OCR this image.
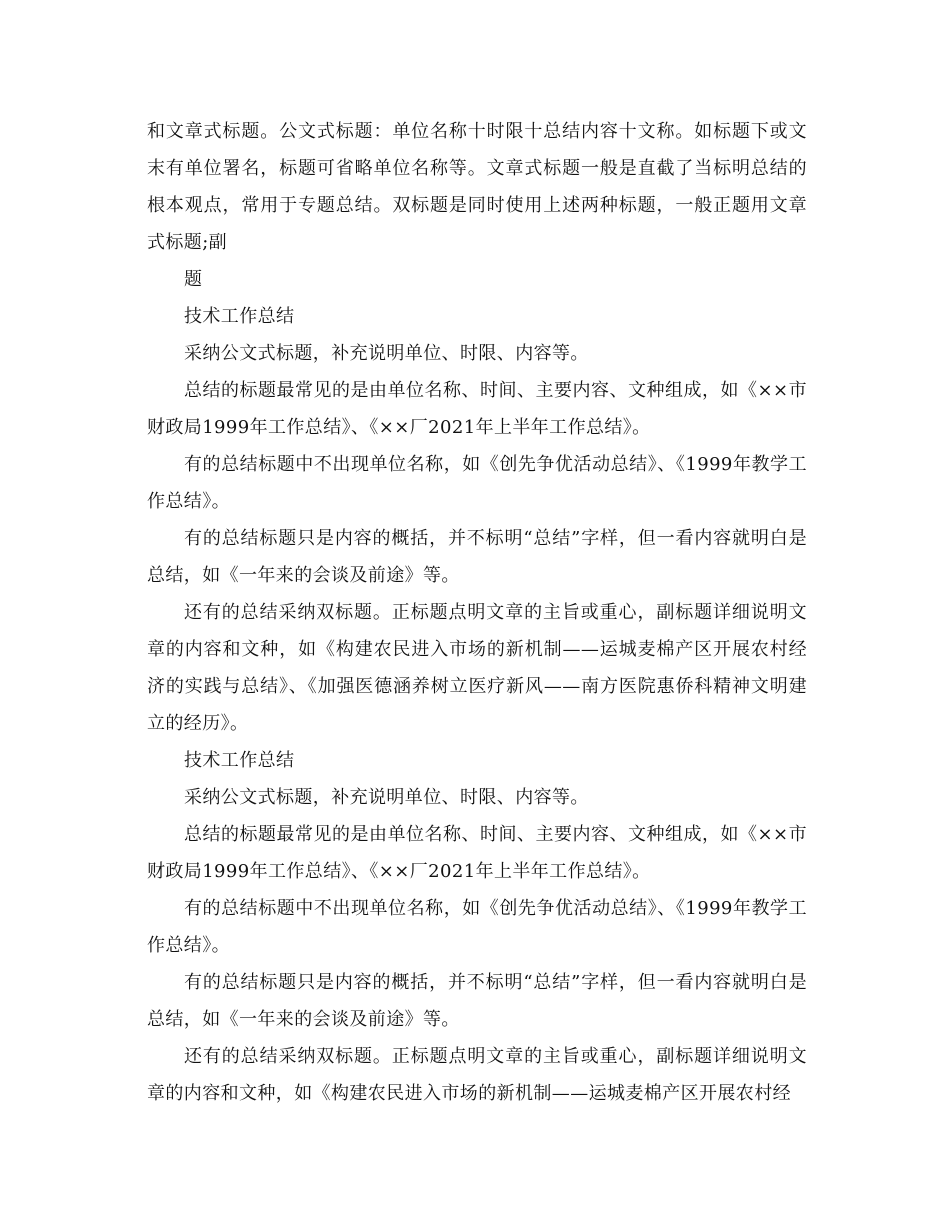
和文章式标题。公文式标题：单位名称十时限十总结内容十文称。如标题下或文末有单位署名，标题可省略单位名称等。文章式标题一般是直截了当标明总结的根本观点，常用于专题总结。双标题是同时使用上述两种标题，一般正题用文章式标题;副

题

技术工作总结

采纳公文式标题，补充说明单位、时限、内容等。

总结的标题最常见的是由单位名称、时间、主要内容、文种组成，如《××市财政局1999年工作总结》、《××厂2021年上半年工作总结》。

有的总结标题中不出现单位名称，如《创先争优活动总结》、《1999年教学工作总结》。

有的总结标题只是内容的概括，并不标明“总结”字样，但一看内容就明白是总结，如《一年来的会谈及前途》等。

还有的总结采纳双标题。正标题点明文章的主旨或重心，副标题详细说明文章的内容和文种，如《构建农民进入市场的新机制——运城麦棉产区开展农村经济的实践与总结》、《加强医德涵养树立医疗新风——南方医院惠侨科精神文明建立的经历》。

技术工作总结

采纳公文式标题，补充说明单位、时限、内容等。

总结的标题最常见的是由单位名称、时间、主要内容、文种组成，如《××市财政局1999年工作总结》、《××厂2021年上半年工作总结》。

有的总结标题中不出现单位名称，如《创先争优活动总结》、《1999年教学工作总结》。

有的总结标题只是内容的概括，并不标明“总结”字样，但一看内容就明白是总结，如《一年来的会谈及前途》等。

还有的总结采纳双标题。正标题点明文章的主旨或重心，副标题详细说明文章的内容和文种，如《构建农民进入市场的新机制——运城麦棉产区开展农村经
